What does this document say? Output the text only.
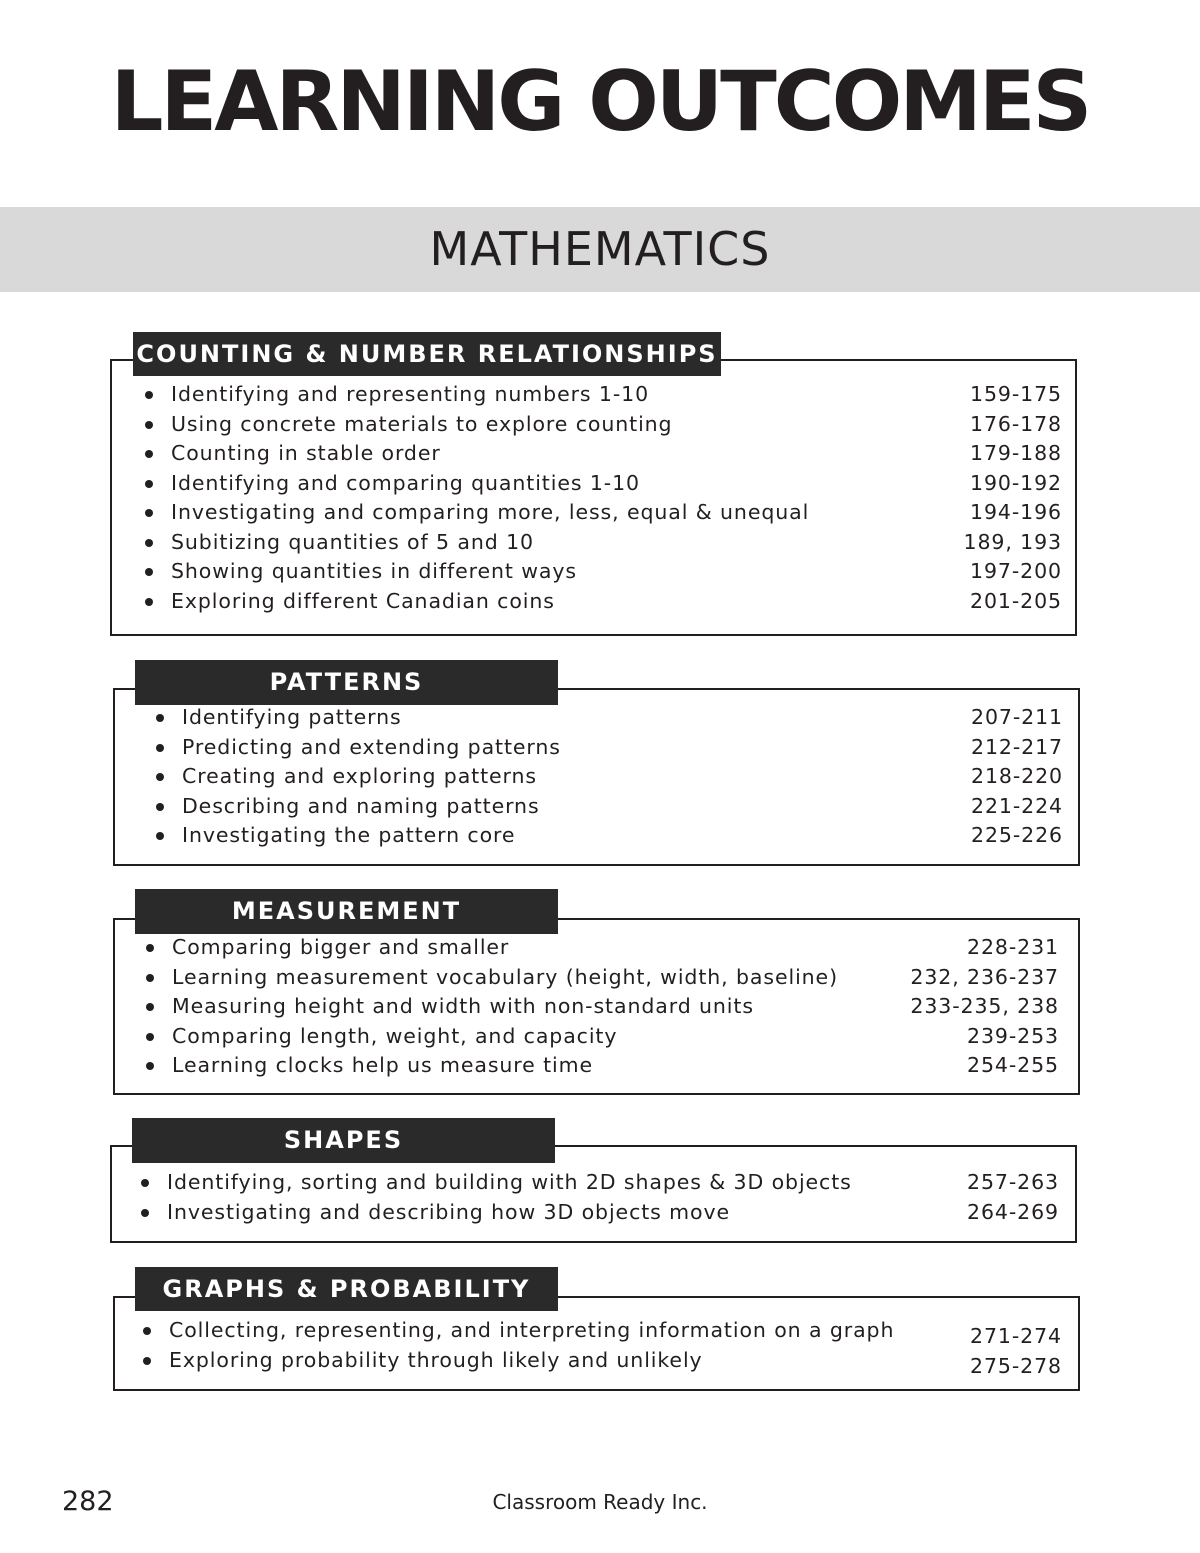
LEARNING OUTCOMES
MATHEMATICS
COUNTING & NUMBER RELATIONSHIPS
Identifying and representing numbers 1-10	159-175
Using concrete materials to explore counting	176-178
Counting in stable order	179-188
Identifying and comparing quantities 1-10	190-192
Investigating and comparing more, less, equal & unequal	194-196
Subitizing quantities of 5 and 10	189, 193
Showing quantities in different ways	197-200
Exploring different Canadian coins	201-205
PATTERNS
Identifying patterns	207-211
Predicting and extending patterns	212-217
Creating and exploring patterns	218-220
Describing and naming patterns	221-224
Investigating the pattern core	225-226
MEASUREMENT
Comparing bigger and smaller	228-231
Learning measurement vocabulary (height, width, baseline)	232, 236-237
Measuring height and width with non-standard units	233-235, 238
Comparing length, weight, and capacity	239-253
Learning clocks help us measure time	254-255
SHAPES
Identifying, sorting and building with 2D shapes & 3D objects	257-263
Investigating and describing how 3D objects move	264-269
GRAPHS & PROBABILITY
Collecting, representing, and interpreting information on a graph	271-274
Exploring probability through likely and unlikely	275-278
282	Classroom Ready Inc.
